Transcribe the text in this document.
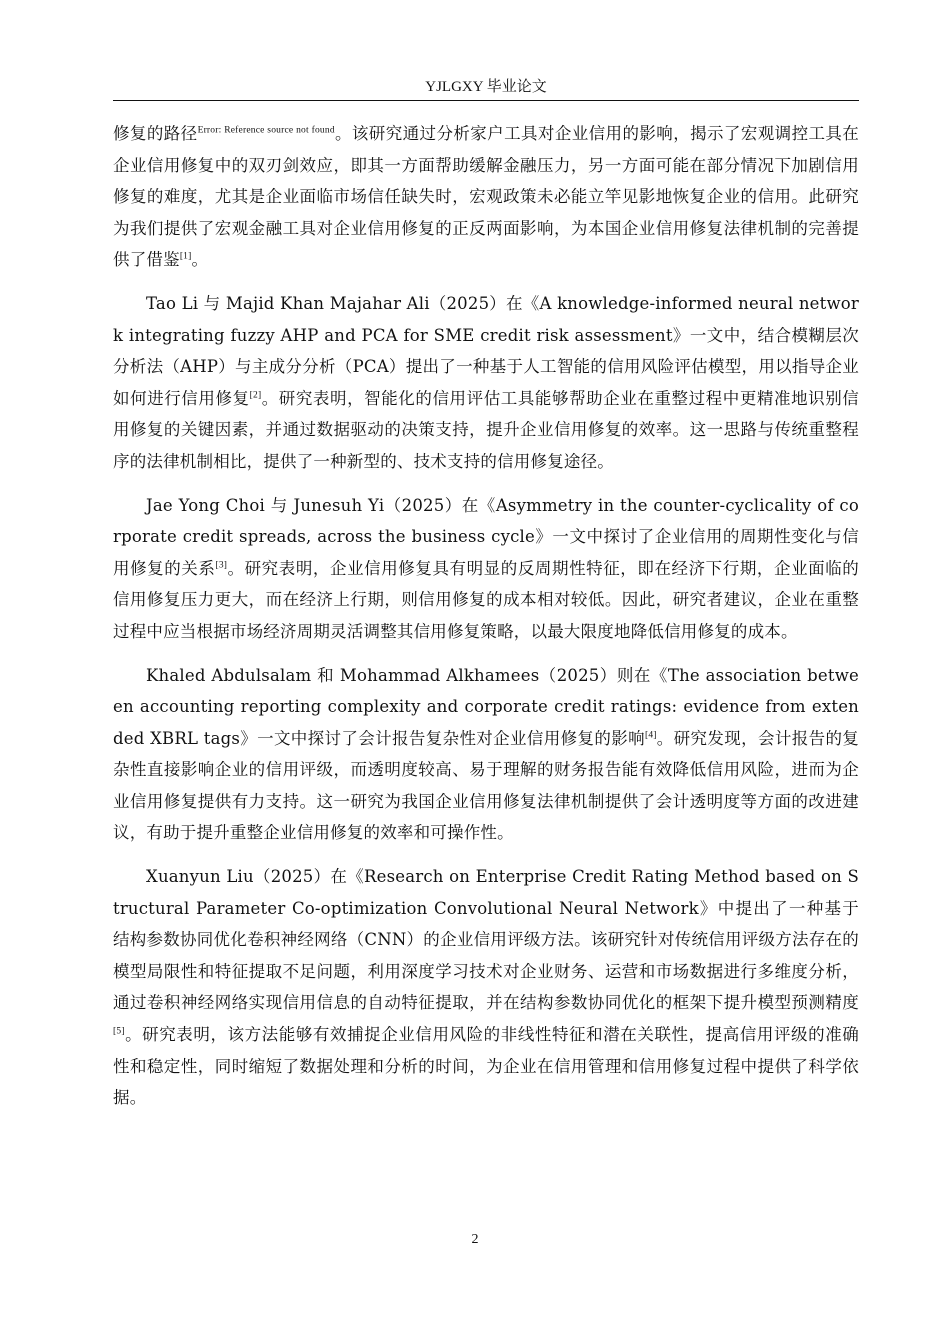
YJLGXY 毕业论文

修复的路径$^{Error: Reference source not found}$。该研究通过分析家户工具对企业信用的影响，揭示了宏观调控工具在企业信用修复中的双刃剑效应，即其一方面帮助缓解金融压力，另一方面可能在部分情况下加剧信用修复的难度，尤其是企业面临市场信任缺失时，宏观政策未必能立竿见影地恢复企业的信用。此研究为我们提供了宏观金融工具对企业信用修复的正反两面影响，为本国企业信用修复法律机制的完善提供了借鉴[1]。

Tao Li 与 Majid Khan Majahar Ali（2025）在《A knowledge-informed neural network integrating fuzzy AHP and PCA for SME credit risk assessment》一文中，结合模糊层次分析法（AHP）与主成分分析（PCA）提出了一种基于人工智能的信用风险评估模型，用以指导企业如何进行信用修复[2]。研究表明，智能化的信用评估工具能够帮助企业在重整过程中更精准地识别信用修复的关键因素，并通过数据驱动的决策支持，提升企业信用修复的效率。这一思路与传统重整程序的法律机制相比，提供了一种新型的、技术支持的信用修复途径。

Jae Yong Choi 与 Junesuh Yi（2025）在《Asymmetry in the counter-cyclicality of corporate credit spreads, across the business cycle》一文中探讨了企业信用的周期性变化与信用修复的关系[3]。研究表明，企业信用修复具有明显的反周期性特征，即在经济下行期，企业面临的信用修复压力更大，而在经济上行期，则信用修复的成本相对较低。因此，研究者建议，企业在重整过程中应当根据市场经济周期灵活调整其信用修复策略，以最大限度地降低信用修复的成本。

Khaled Abdulsalam 和 Mohammad Alkhamees（2025）则在《The association between accounting reporting complexity and corporate credit ratings: evidence from extended XBRL tags》一文中探讨了会计报告复杂性对企业信用修复的影响[4]。研究发现，会计报告的复杂性直接影响企业的信用评级，而透明度较高、易于理解的财务报告能有效降低信用风险，进而为企业信用修复提供有力支持。这一研究为我国企业信用修复法律机制提供了会计透明度等方面的改进建议，有助于提升重整企业信用修复的效率和可操作性。

Xuanyun Liu（2025）在《Research on Enterprise Credit Rating Method based on Structural Parameter Co-optimization Convolutional Neural Network》中提出了一种基于结构参数协同优化卷积神经网络（CNN）的企业信用评级方法。该研究针对传统信用评级方法存在的模型局限性和特征提取不足问题，利用深度学习技术对企业财务、运营和市场数据进行多维度分析，通过卷积神经网络实现信用信息的自动特征提取，并在结构参数协同优化的框架下提升模型预测精度[5]。研究表明，该方法能够有效捕捉企业信用风险的非线性特征和潜在关联性，提高信用评级的准确性和稳定性，同时缩短了数据处理和分析的时间，为企业在信用管理和信用修复过程中提供了科学依据。

2
